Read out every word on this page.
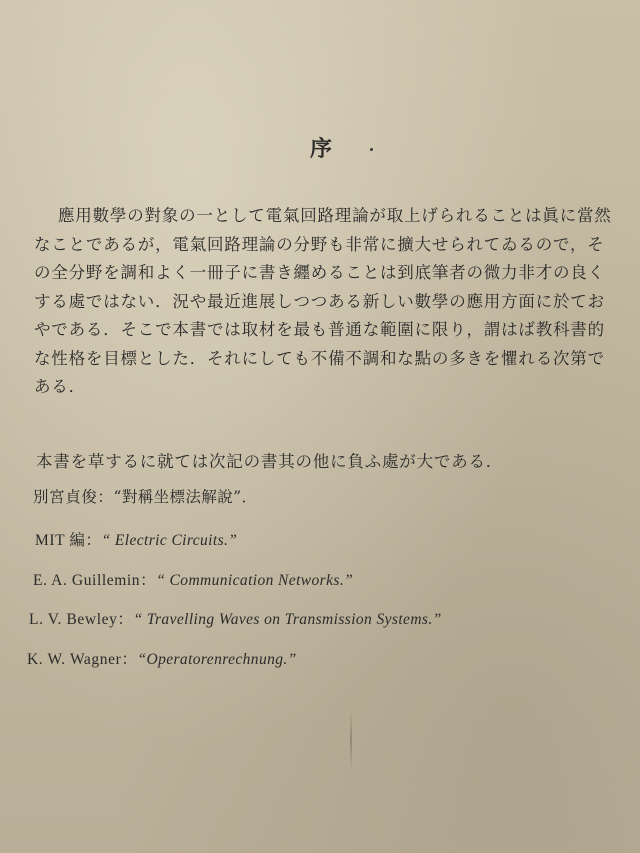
序
應用數學の對象の一として電氣回路理論が取上げられることは眞に當然
なことであるが，電氣回路理論の分野も非常に擴大せられてゐるので，そ
の全分野を調和よく一冊子に書き纒めることは到底筆者の微力非才の良く
する處ではない．況や最近進展しつつある新しい數學の應用方面に於てお
やである．そこで本書では取材を最も普通な範圍に限り，謂はば教科書的
な性格を目標とした．それにしても不備不調和な點の多きを懼れる次第で
ある．
本書を草するに就ては次記の書其の他に負ふ處が大である．
別宮貞俊：“對稱坐標法解說”．
MIT 編：“ Electric Circuits.”
E. A. Guillemin：“ Communication Networks.”
L. V. Bewley：“ Travelling Waves on Transmission Systems.”
K. W. Wagner：“Operatorenrechnung.”
